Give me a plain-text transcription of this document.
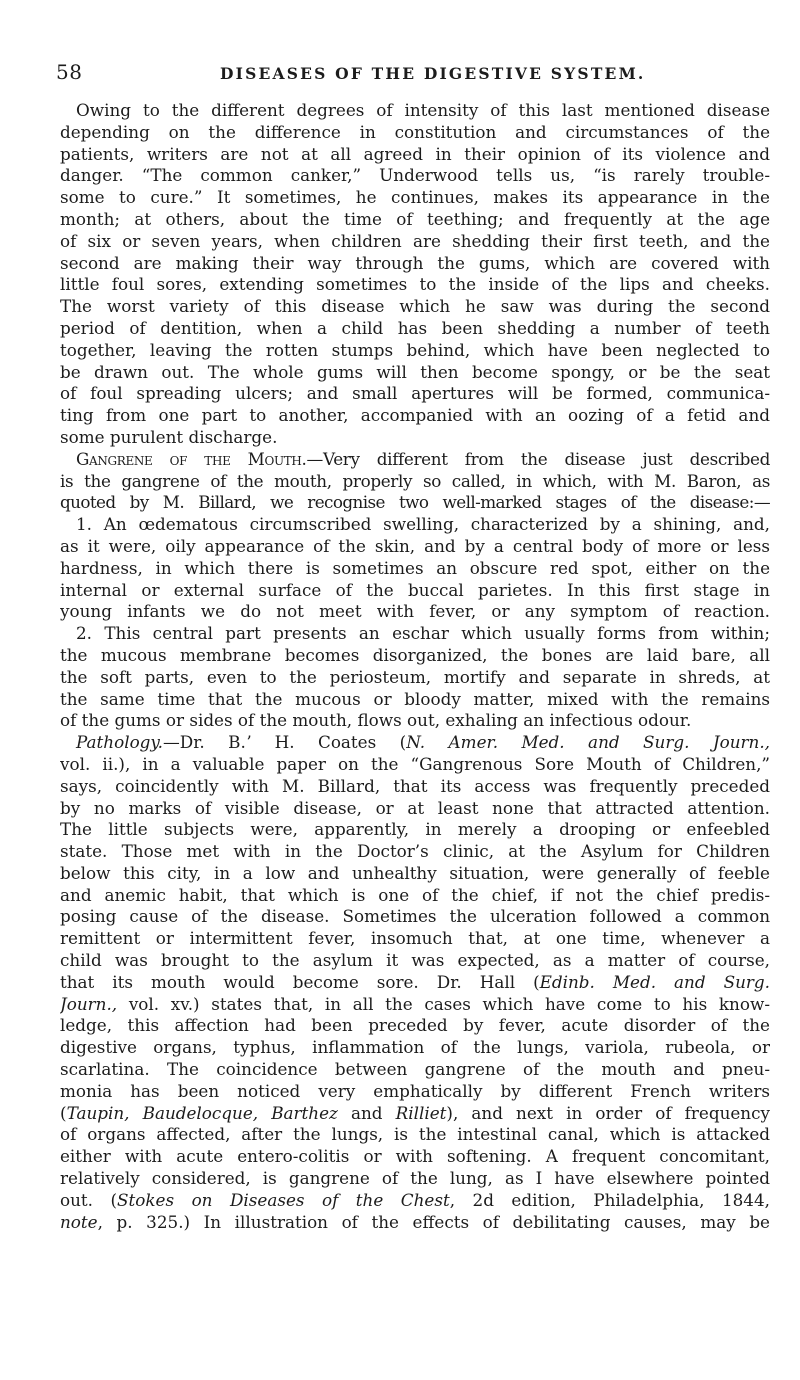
58	DISEASES OF THE DIGESTIVE SYSTEM.
Owing to the different degrees of intensity of this last mentioned disease
depending on the difference in constitution and circumstances of the
patients, writers are not at all agreed in their opinion of its violence and
danger. “The common canker,” Underwood tells us, “is rarely trouble-
some to cure.” It sometimes, he continues, makes its appearance in the
month; at others, about the time of teething; and frequently at the age
of six or seven years, when children are shedding their first teeth, and the
second are making their way through the gums, which are covered with
little foul sores, extending sometimes to the inside of the lips and cheeks.
The worst variety of this disease which he saw was during the second
period of dentition, when a child has been shedding a number of teeth
together, leaving the rotten stumps behind, which have been neglected to
be drawn out. The whole gums will then become spongy, or be the seat
of foul spreading ulcers; and small apertures will be formed, communica-
ting from one part to another, accompanied with an oozing of a fetid and
some purulent discharge.
Gangrene of the Mouth.—Very different from the disease just described
is the gangrene of the mouth, properly so called, in which, with M. Baron, as
quoted by M. Billard, we recognise two well-marked stages of the disease:—
1. An œdematous circumscribed swelling, characterized by a shining, and,
as it were, oily appearance of the skin, and by a central body of more or less
hardness, in which there is sometimes an obscure red spot, either on the
internal or external surface of the buccal parietes. In this first stage in
young infants we do not meet with fever, or any symptom of reaction.
2. This central part presents an eschar which usually forms from within;
the mucous membrane becomes disorganized, the bones are laid bare, all
the soft parts, even to the periosteum, mortify and separate in shreds, at
the same time that the mucous or bloody matter, mixed with the remains
of the gums or sides of the mouth, flows out, exhaling an infectious odour.
Pathology.—Dr. B.ʼ H. Coates (N. Amer. Med. and Surg. Journ.,
vol. ii.), in a valuable paper on the “Gangrenous Sore Mouth of Children,”
says, coincidently with M. Billard, that its access was frequently preceded
by no marks of visible disease, or at least none that attracted attention.
The little subjects were, apparently, in merely a drooping or enfeebled
state. Those met with in the Doctor’s clinic, at the Asylum for Children
below this city, in a low and unhealthy situation, were generally of feeble
and anemic habit, that which is one of the chief, if not the chief predis-
posing cause of the disease. Sometimes the ulceration followed a common
remittent or intermittent fever, insomuch that, at one time, whenever a
child was brought to the asylum it was expected, as a matter of course,
that its mouth would become sore. Dr. Hall (Edinb. Med. and Surg.
Journ., vol. xv.) states that, in all the cases which have come to his know-
ledge, this affection had been preceded by fever, acute disorder of the
digestive organs, typhus, inflammation of the lungs, variola, rubeola, or
scarlatina. The coincidence between gangrene of the mouth and pneu-
monia has been noticed very emphatically by different French writers
(Taupin, Baudelocque, Barthez and Rilliet), and next in order of frequency
of organs affected, after the lungs, is the intestinal canal, which is attacked
either with acute entero-colitis or with softening. A frequent concomitant,
relatively considered, is gangrene of the lung, as I have elsewhere pointed
out. (Stokes on Diseases of the Chest, 2d edition, Philadelphia, 1844,
note, p. 325.) In illustration of the effects of debilitating causes, may be
